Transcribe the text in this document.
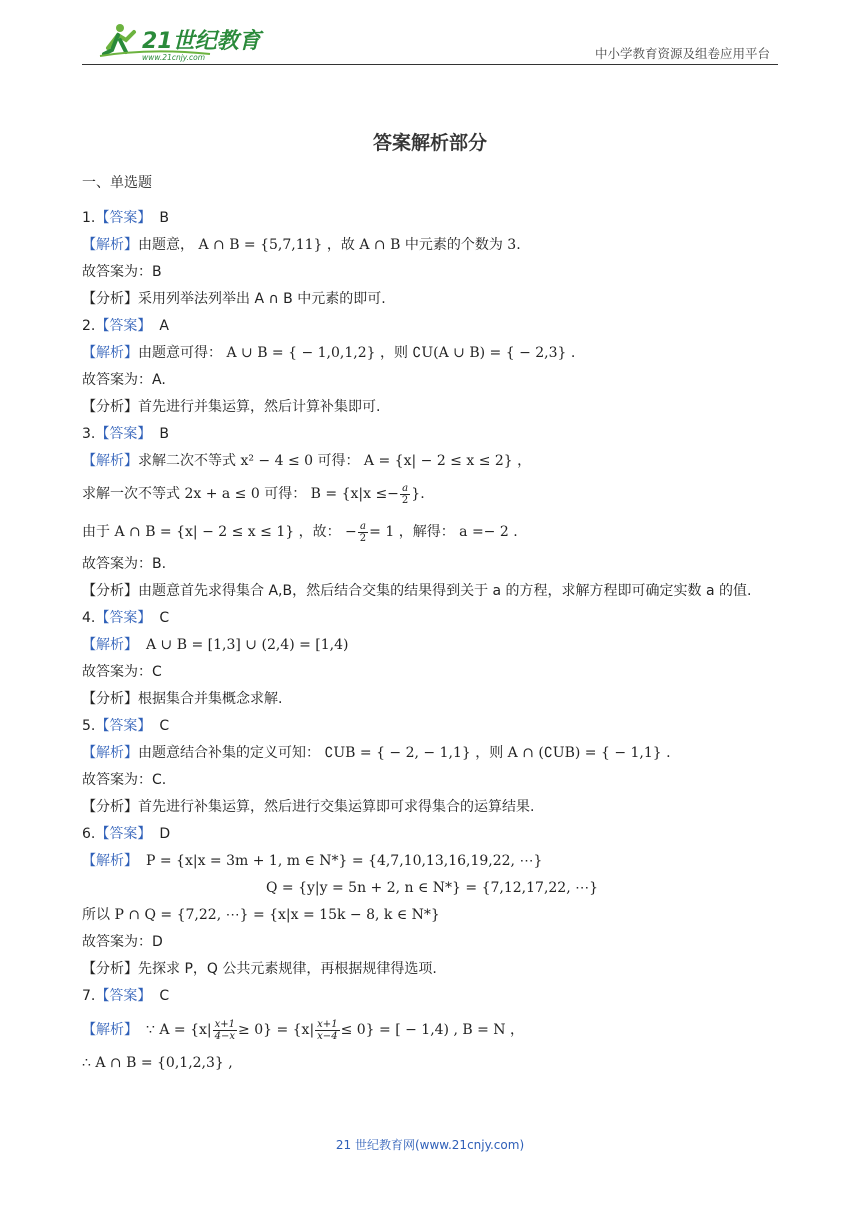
21世纪教育
www.21cnjy.com	中小学教育资源及组卷应用平台
答案解析部分
一、单选题
1.【答案】 B
【解析】由题意， A ∩ B = {5,7,11} ，故 A ∩ B 中元素的个数为 3.
故答案为：B
【分析】采用列举法列举出 A ∩ B 中元素的即可.
2.【答案】 A
【解析】由题意可得： A ∪ B = { − 1,0,1,2} ，则 ∁U(A ∪ B) = { − 2,3} .
故答案为：A.
【分析】首先进行并集运算，然后计算补集即可.
3.【答案】 B
【解析】求解二次不等式 x² − 4 ≤ 0 可得： A = {x| − 2 ≤ x ≤ 2} ，
求解一次不等式 2x + a ≤ 0 可得： $B = \{x|x \le- \frac{a}{2}$ }.
由于 A ∩ B = {x| − 2 ≤ x ≤ 1} ，故： − $\frac{a}{2} = 1$ ，解得： a =− 2 .
故答案为：B.
【分析】由题意首先求得集合 A,B，然后结合交集的结果得到关于 a 的方程，求解方程即可确定实数 a 的值.
4.【答案】 C
【解析】 A ∪ B = [1,3] ∪ (2,4) = [1,4)
故答案为：C
【分析】根据集合并集概念求解.
5.【答案】 C
【解析】由题意结合补集的定义可知： ∁UB = { − 2, − 1,1} ，则 A ∩ (∁UB) = { − 1,1} .
故答案为：C.
【分析】首先进行补集运算，然后进行交集运算即可求得集合的运算结果.
6.【答案】 D
【解析】 P = {x|x = 3m + 1, m ∈ N*} = {4,7,10,13,16,19,22, ⋯}
Q = {y|y = 5n + 2, n ∈ N*} = {7,12,17,22, ⋯}
所以 P ∩ Q = {7,22, ⋯} = {x|x = 15k − 8, k ∈ N*}
故答案为：D
【分析】先探求 P，Q 公共元素规律，再根据规律得选项.
7.【答案】 C
【解析】 ∵ $A = \{x| \frac{x+1}{4-x} \ge 0\} = \{x| \frac{x+1}{x-4} \le 0\}$ = [ − 1,4) , B = N ，
∴ A ∩ B = {0,1,2,3} ,
21 世纪教育网(www.21cnjy.com)
